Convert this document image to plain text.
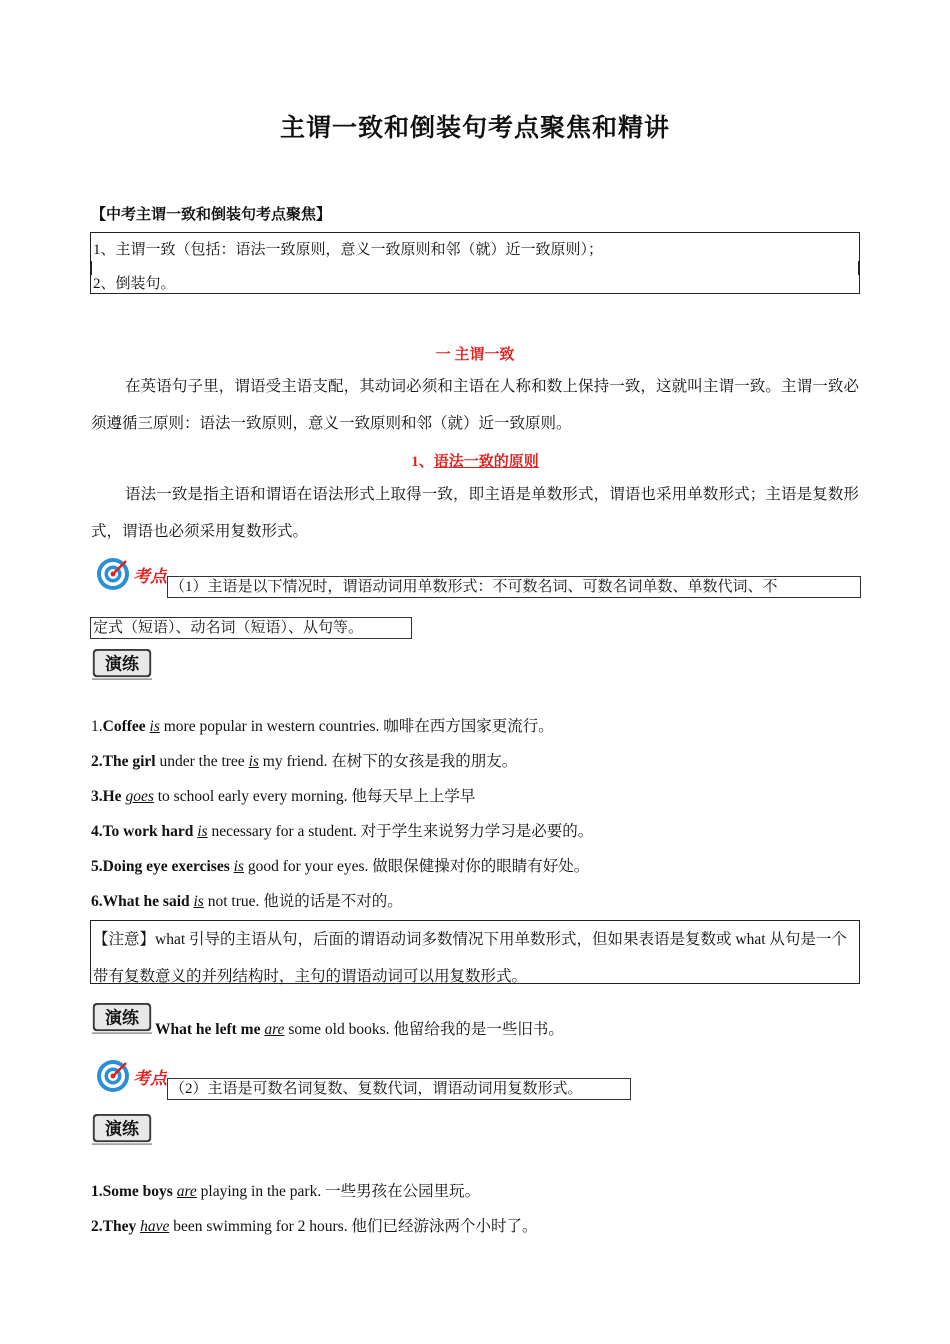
主谓一致和倒装句考点聚焦和精讲
【中考主谓一致和倒装句考点聚焦】
1、主谓一致（包括：语法一致原则，意义一致原则和邻（就）近一致原则）；
2、倒装句。
一 主谓一致
在英语句子里，谓语受主语支配，其动词必须和主语在人称和数上保持一致，这就叫主谓一致。主谓一致必须遵循三原则：语法一致原则，意义一致原则和邻（就）近一致原则。
1、语法一致的原则
语法一致是指主语和谓语在语法形式上取得一致，即主语是单数形式，谓语也采用单数形式；主语是复数形式，谓语也必须采用复数形式。
考点
（1）主语是以下情况时，谓语动词用单数形式：不可数名词、可数名词单数、单数代词、不
定式（短语）、动名词（短语）、从句等。
演练
1.Coffee is more popular in western countries. 咖啡在西方国家更流行。
2.The girl under the tree is my friend. 在树下的女孩是我的朋友。
3.He goes to school early every morning. 他每天早上上学早
4.To work hard is necessary for a student. 对于学生来说努力学习是必要的。
5.Doing eye exercises is good for your eyes. 做眼保健操对你的眼睛有好处。
6.What he said is not true. 他说的话是不对的。
【注意】what 引导的主语从句，后面的谓语动词多数情况下用单数形式，但如果表语是复数或 what 从句是一个带有复数意义的并列结构时，主句的谓语动词可以用复数形式。
演练
What he left me are some old books. 他留给我的是一些旧书。
考点
（2）主语是可数名词复数、复数代词，谓语动词用复数形式。
演练
1.Some boys are playing in the park. 一些男孩在公园里玩。
2.They have been swimming for 2 hours. 他们已经游泳两个小时了。
